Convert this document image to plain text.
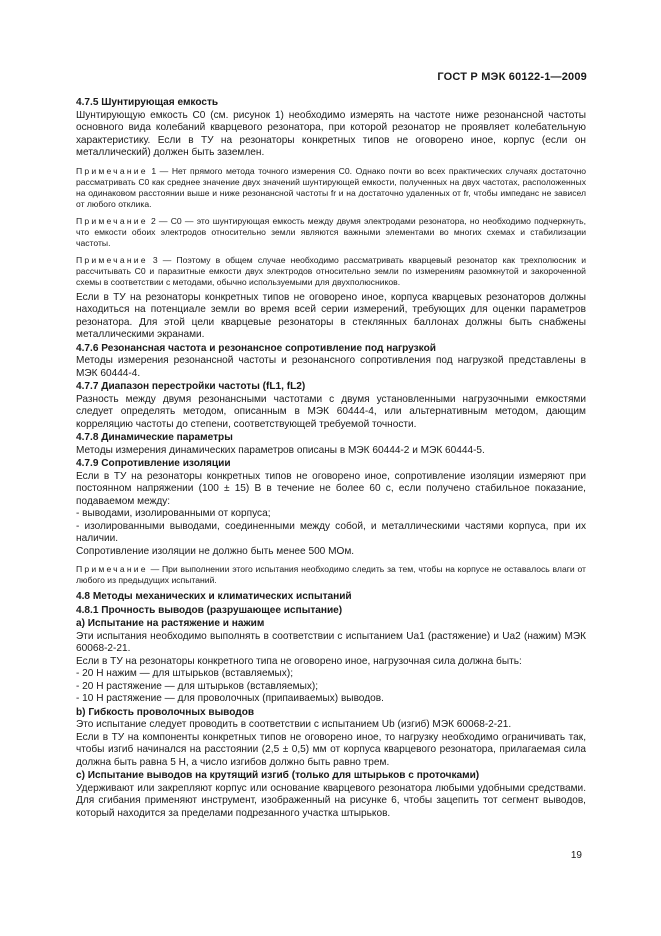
ГОСТ Р МЭК 60122-1—2009
4.7.5 Шунтирующая емкость
Шунтирующую емкость C0 (см. рисунок 1) необходимо измерять на частоте ниже резонансной частоты основного вида колебаний кварцевого резонатора, при которой резонатор не проявляет колебательную характеристику. Если в ТУ на резонаторы конкретных типов не оговорено иное, корпус (если он металлический) должен быть заземлен.
Примечание 1 — Нет прямого метода точного измерения C0. Однако почти во всех практических случаях достаточно рассматривать C0 как среднее значение двух значений шунтирующей емкости, полученных на двух частотах, расположенных на одинаковом расстоянии выше и ниже резонансной частоты fr и на достаточно удаленных от fr, чтобы импеданс не зависел от любого отклика.
Примечание 2 — C0 — это шунтирующая емкость между двумя электродами резонатора, но необходимо подчеркнуть, что емкости обоих электродов относительно земли являются важными элементами во многих схемах и стабилизации частоты.
Примечание 3 — Поэтому в общем случае необходимо рассматривать кварцевый резонатор как трехполюсник и рассчитывать C0 и паразитные емкости двух электродов относительно земли по измерениям разомкнутой и закороченной схемы в соответствии с методами, обычно используемыми для двухполюсников.
Если в ТУ на резонаторы конкретных типов не оговорено иное, корпуса кварцевых резонаторов должны находиться на потенциале земли во время всей серии измерений, требующих для оценки параметров резонатора. Для этой цели кварцевые резонаторы в стеклянных баллонах должны быть снабжены металлическими экранами.
4.7.6 Резонансная частота и резонансное сопротивление под нагрузкой
Методы измерения резонансной частоты и резонансного сопротивления под нагрузкой представлены в МЭК 60444-4.
4.7.7 Диапазон перестройки частоты (fL1, fL2)
Разность между двумя резонансными частотами с двумя установленными нагрузочными емкостями следует определять методом, описанным в МЭК 60444-4, или альтернативным методом, дающим корреляцию частоты до степени, соответствующей требуемой точности.
4.7.8 Динамические параметры
Методы измерения динамических параметров описаны в МЭК 60444-2 и МЭК 60444-5.
4.7.9 Сопротивление изоляции
Если в ТУ на резонаторы конкретных типов не оговорено иное, сопротивление изоляции измеряют при постоянном напряжении (100 ± 15) В в течение не более 60 с, если получено стабильное показание, подаваемом между:
- выводами, изолированными от корпуса;
- изолированными выводами, соединенными между собой, и металлическими частями корпуса, при их наличии.
Сопротивление изоляции не должно быть менее 500 МОм.
Примечание — При выполнении этого испытания необходимо следить за тем, чтобы на корпусе не оставалось влаги от любого из предыдущих испытаний.
4.8 Методы механических и климатических испытаний
4.8.1 Прочность выводов (разрушающее испытание)
a) Испытание на растяжение и нажим
Эти испытания необходимо выполнять в соответствии с испытанием Ua1 (растяжение) и Ua2 (нажим) МЭК 60068-2-21.
Если в ТУ на резонаторы конкретного типа не оговорено иное, нагрузочная сила должна быть:
- 20 Н нажим — для штырьков (вставляемых);
- 20 Н растяжение — для штырьков (вставляемых);
- 10 Н растяжение — для проволочных (припаиваемых) выводов.
b) Гибкость проволочных выводов
Это испытание следует проводить в соответствии с испытанием Ub (изгиб) МЭК 60068-2-21.
Если в ТУ на компоненты конкретных типов не оговорено иное, то нагрузку необходимо ограничивать так, чтобы изгиб начинался на расстоянии (2,5 ± 0,5) мм от корпуса кварцевого резонатора, прилагаемая сила должна быть равна 5 Н, а число изгибов должно быть равно трем.
c) Испытание выводов на крутящий изгиб (только для штырьков с проточками)
Удерживают или закрепляют корпус или основание кварцевого резонатора любыми удобными средствами. Для сгибания применяют инструмент, изображенный на рисунке 6, чтобы зацепить тот сегмент выводов, который находится за пределами подрезанного участка штырьков.
19
